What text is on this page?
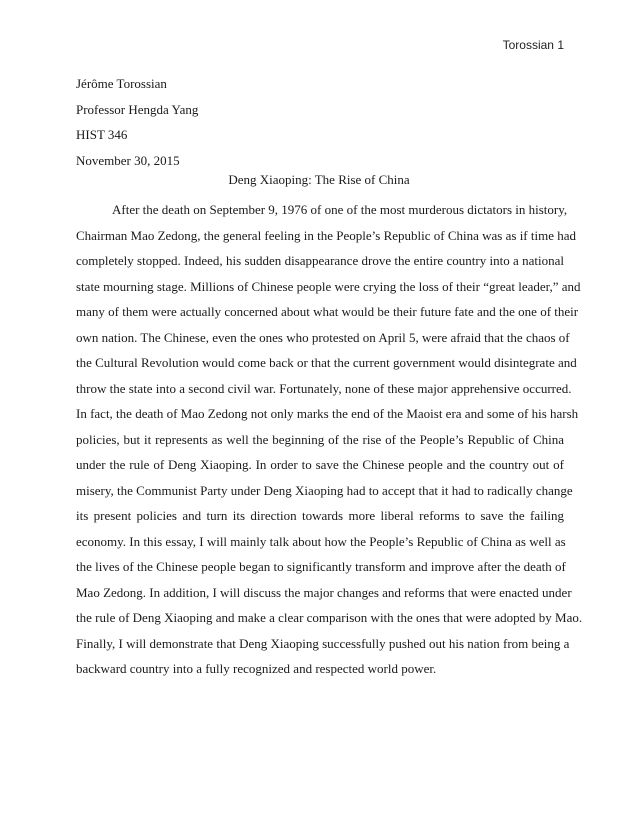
Torossian 1
Jérôme Torossian
Professor Hengda Yang
HIST 346
November 30, 2015
Deng Xiaoping: The Rise of China
After the death on September 9, 1976 of one of the most murderous dictators in history,
Chairman Mao Zedong, the general feeling in the People’s Republic of China was as if time had
completely stopped. Indeed, his sudden disappearance drove the entire country into a national
state mourning stage. Millions of Chinese people were crying the loss of their “great leader,” and
many of them were actually concerned about what would be their future fate and the one of their
own nation. The Chinese, even the ones who protested on April 5, were afraid that the chaos of
the Cultural Revolution would come back or that the current government would disintegrate and
throw the state into a second civil war. Fortunately, none of these major apprehensive occurred.
In fact, the death of Mao Zedong not only marks the end of the Maoist era and some of his harsh
policies, but it represents as well the beginning of the rise of the People’s Republic of China
under the rule of Deng Xiaoping. In order to save the Chinese people and the country out of
misery, the Communist Party under Deng Xiaoping had to accept that it had to radically change
its present policies and turn its direction towards more liberal reforms to save the failing
economy. In this essay, I will mainly talk about how the People’s Republic of China as well as
the lives of the Chinese people began to significantly transform and improve after the death of
Mao Zedong. In addition, I will discuss the major changes and reforms that were enacted under
the rule of Deng Xiaoping and make a clear comparison with the ones that were adopted by Mao.
Finally, I will demonstrate that Deng Xiaoping successfully pushed out his nation from being a
backward country into a fully recognized and respected world power.
